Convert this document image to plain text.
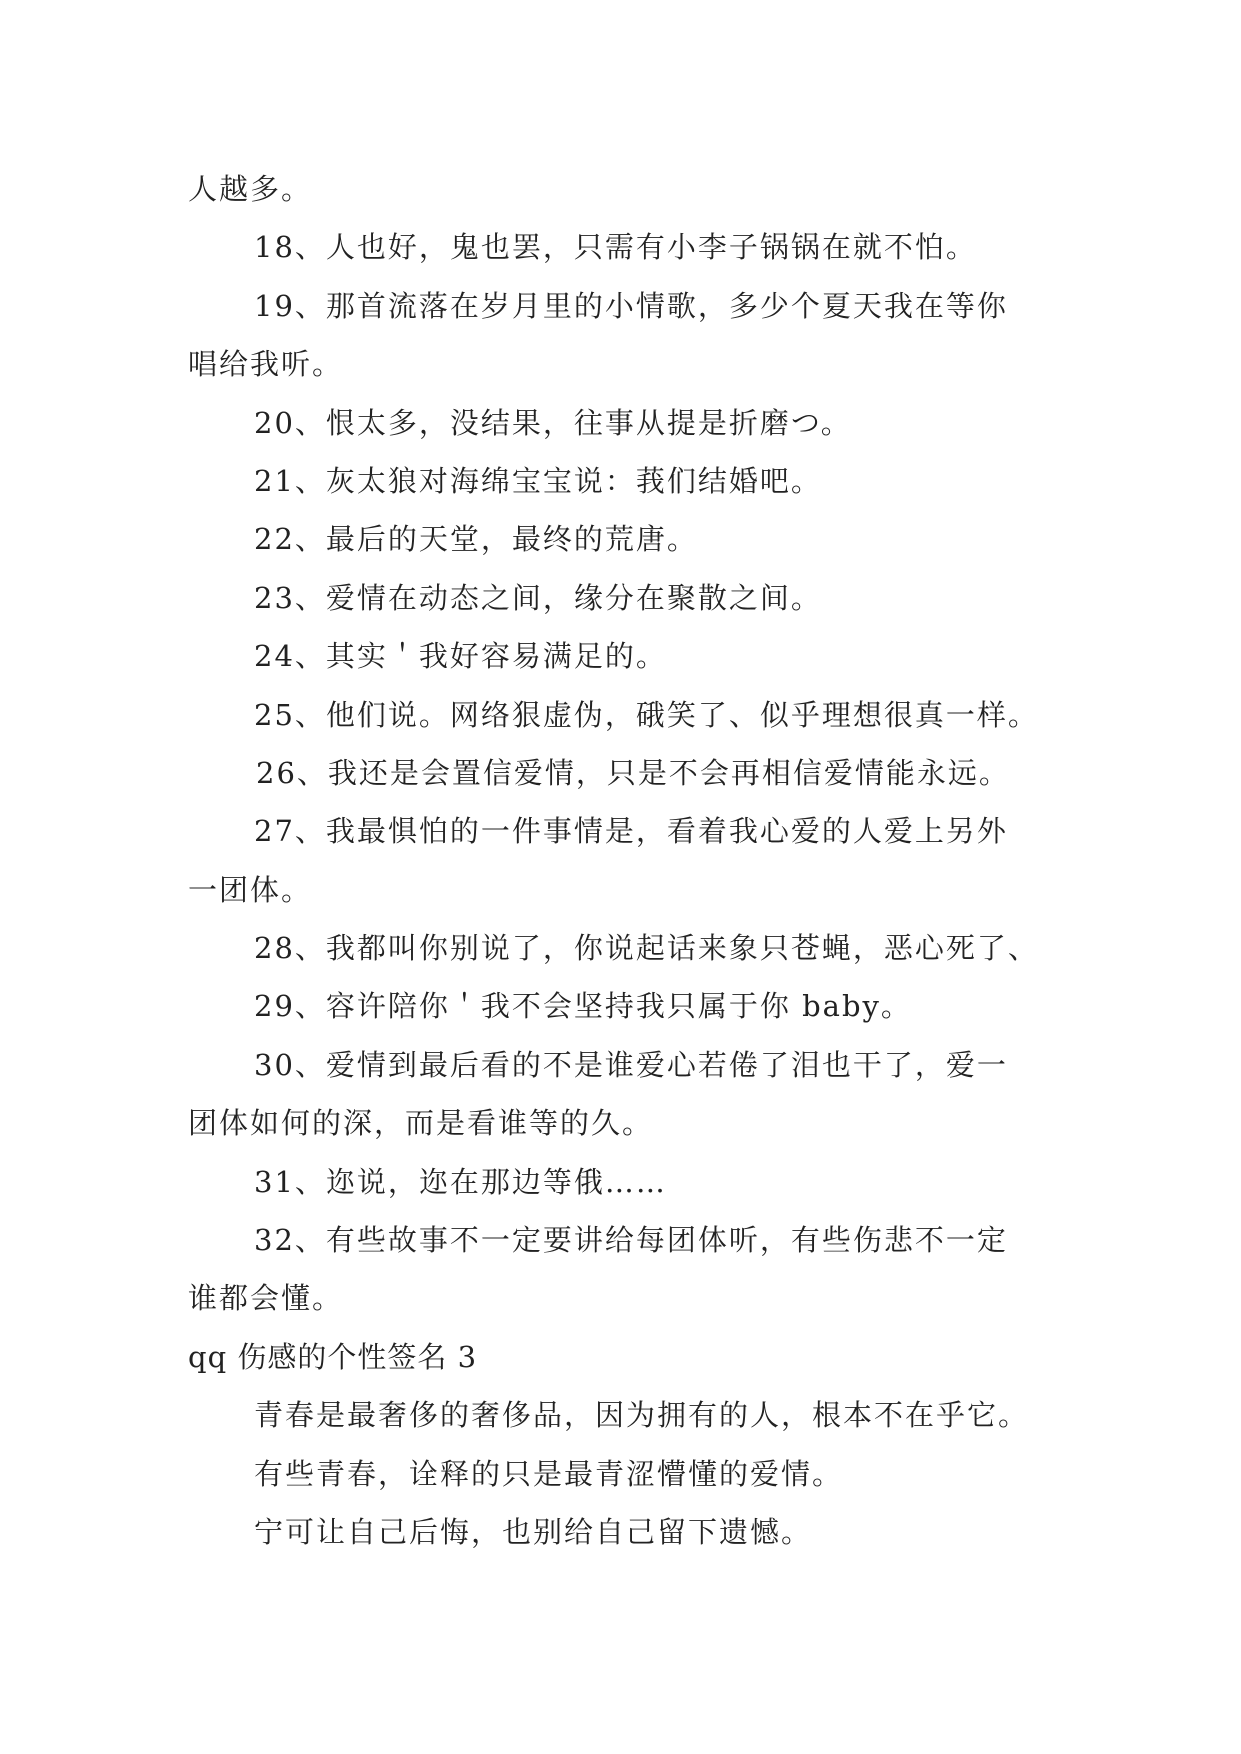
人越多。
18、人也好，鬼也罢，只需有小李子锅锅在就不怕。
19、那首流落在岁月里的小情歌，多少个夏天我在等你
唱给我听。
20、恨太多，没结果，往事从提是折磨つ。
21、灰太狼对海绵宝宝说：莪们结婚吧。
22、最后的天堂，最终的荒唐。
23、爱情在动态之间，缘分在聚散之间。
24、其实＇我好容易满足的。
25、他们说。网络狠虚伪，硪笑了、似乎理想很真一样。
26、我还是会置信爱情，只是不会再相信爱情能永远。
27、我最惧怕的一件事情是，看着我心爱的人爱上另外
一团体。
28、我都叫你别说了，你说起话来象只苍蝇，恶心死了、
29、容许陪你＇我不会坚持我只属于你 baby。
30、爱情到最后看的不是谁爱心若倦了泪也干了，爱一
团体如何的深，而是看谁等的久。
31、迩说，迩在那边等俄……
32、有些故事不一定要讲给每团体听，有些伤悲不一定
谁都会懂。
qq 伤感的个性签名 3
青春是最奢侈的奢侈品，因为拥有的人，根本不在乎它。
有些青春，诠释的只是最青涩懵懂的爱情。
宁可让自己后悔，也别给自己留下遗憾。
